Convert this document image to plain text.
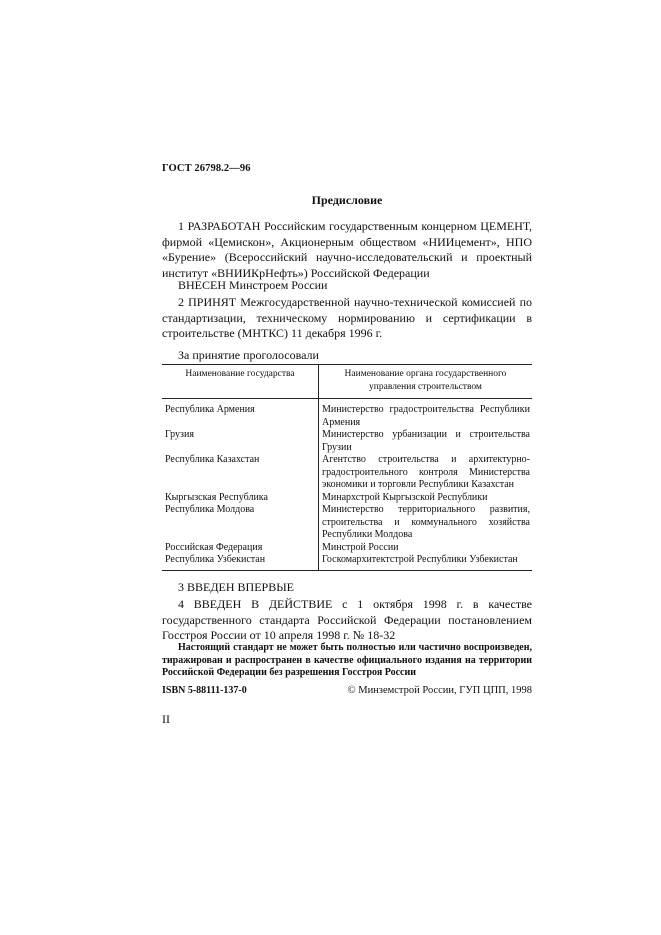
ГОСТ 26798.2—96
Предисловие
1 РАЗРАБОТАН Российским государственным концерном ЦЕМЕНТ, фирмой «Цемискон», Акционерным обществом «НИИцемент», НПО «Бурение» (Всероссийский научно-исследовательский и проектный институт «ВНИИКрНефть») Российской Федерации
ВНЕСЕН Минстроем России
2 ПРИНЯТ Межгосударственной научно-технической комиссией по стандартизации, техническому нормированию и сертификации в строительстве (МНТКС) 11 декабря 1996 г.
За принятие проголосовали
Наименование государства	Наименование органа государственного управления строительством
Республика Армения	Министерство градостроительства Республики Армения
Грузия	Министерство урбанизации и строительства Грузии
Республика Казахстан	Агентство строительства и архитектурно-градостроительного контроля Министерства экономики и торговли Республики Казахстан
Кыргызская Республика	Минархстрой Кыргызской Республики
Республика Молдова	Министерство территориального развития, строительства и коммунального хозяйства Республики Молдова
Российская Федерация	Минстрой России
Республика Узбекистан	Госкомархитектстрой Республики Узбекистан
3 ВВЕДЕН ВПЕРВЫЕ
4 ВВЕДЕН В ДЕЙСТВИЕ с 1 октября 1998 г. в качестве государственного стандарта Российской Федерации постановлением Госстроя России от 10 апреля 1998 г. № 18-32
Настоящий стандарт не может быть полностью или частично воспроизведен, тиражирован и распространен в качестве официального издания на территории Российской Федерации без разрешения Госстроя России
ISBN 5-88111-137-0	© Минземстрой России, ГУП ЦПП, 1998
II
